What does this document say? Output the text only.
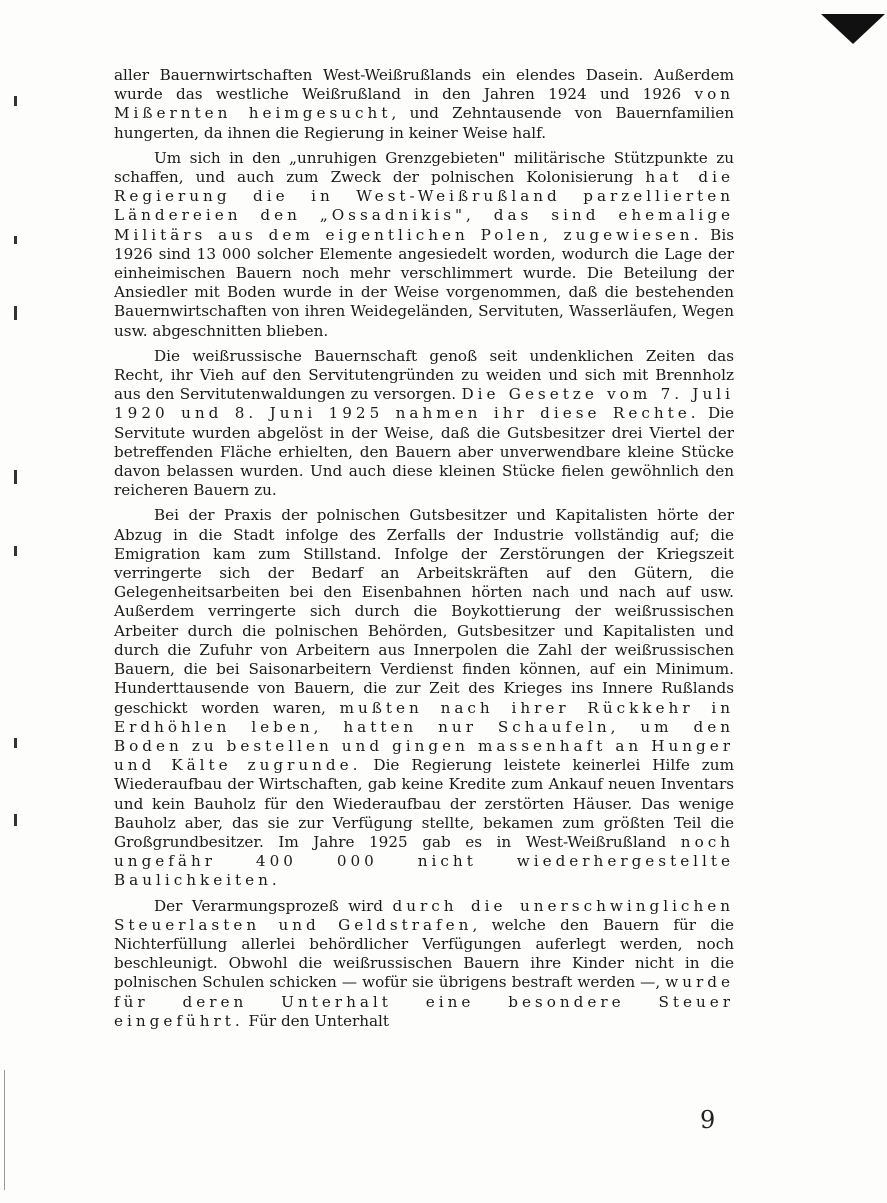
aller Bauernwirtschaften West-Weißrußlands ein elendes Dasein. Außerdem wurde das westliche Weißrußland in den Jahren 1924 und 1926 von Mißernten heimgesucht, und Zehntausende von Bauernfamilien hungerten, da ihnen die Regierung in keiner Weise half.

Um sich in den „unruhigen Grenzgebieten" militärische Stützpunkte zu schaffen, und auch zum Zweck der polnischen Kolonisierung hat die Regierung die in West-Weißrußland parzellierten Ländereien den „Ossadnikis", das sind ehemalige Militärs aus dem eigentlichen Polen, zugewiesen. Bis 1926 sind 13 000 solcher Elemente angesiedelt worden, wodurch die Lage der einheimischen Bauern noch mehr verschlimmert wurde. Die Beteilung der Ansiedler mit Boden wurde in der Weise vorgenommen, daß die bestehenden Bauernwirtschaften von ihren Weidegeländen, Servituten, Wasserläufen, Wegen usw. abgeschnitten blieben.

Die weißrussische Bauernschaft genoß seit undenklichen Zeiten das Recht, ihr Vieh auf den Servitutengründen zu weiden und sich mit Brennholz aus den Servitutenwaldungen zu versorgen. Die Gesetze vom 7. Juli 1920 und 8. Juni 1925 nahmen ihr diese Rechte. Die Servitute wurden abgelöst in der Weise, daß die Gutsbesitzer drei Viertel der betreffenden Fläche erhielten, den Bauern aber unverwendbare kleine Stücke davon belassen wurden. Und auch diese kleinen Stücke fielen gewöhnlich den reicheren Bauern zu.

Bei der Praxis der polnischen Gutsbesitzer und Kapitalisten hörte der Abzug in die Stadt infolge des Zerfalls der Industrie vollständig auf; die Emigration kam zum Stillstand. Infolge der Zerstörungen der Kriegszeit verringerte sich der Bedarf an Arbeitskräften auf den Gütern, die Gelegenheitsarbeiten bei den Eisenbahnen hörten nach und nach auf usw. Außerdem verringerte sich durch die Boykottierung der weißrussischen Arbeiter durch die polnischen Behörden, Gutsbesitzer und Kapitalisten und durch die Zufuhr von Arbeitern aus Innerpolen die Zahl der weißrussischen Bauern, die bei Saisonarbeitern Verdienst finden können, auf ein Minimum. Hunderttausende von Bauern, die zur Zeit des Krieges ins Innere Rußlands geschickt worden waren, mußten nach ihrer Rückkehr in Erdhöhlen leben, hatten nur Schaufeln, um den Boden zu bestellen und gingen massenhaft an Hunger und Kälte zugrunde. Die Regierung leistete keinerlei Hilfe zum Wiederaufbau der Wirtschaften, gab keine Kredite zum Ankauf neuen Inventars und kein Bauholz für den Wiederaufbau der zerstörten Häuser. Das wenige Bauholz aber, das sie zur Verfügung stellte, bekamen zum größten Teil die Großgrundbesitzer. Im Jahre 1925 gab es in West-Weißrußland noch ungefähr 400 000 nicht wiederhergestellte Baulichkeiten.

Der Verarmungsprozeß wird durch die unerschwinglichen Steuerlasten und Geldstrafen, welche den Bauern für die Nichterfüllung allerlei behördlicher Verfügungen auferlegt werden, noch beschleunigt. Obwohl die weißrussischen Bauern ihre Kinder nicht in die polnischen Schulen schicken — wofür sie übrigens bestraft werden —, wurde für deren Unterhalt eine besondere Steuer eingeführt. Für den Unterhalt

9
